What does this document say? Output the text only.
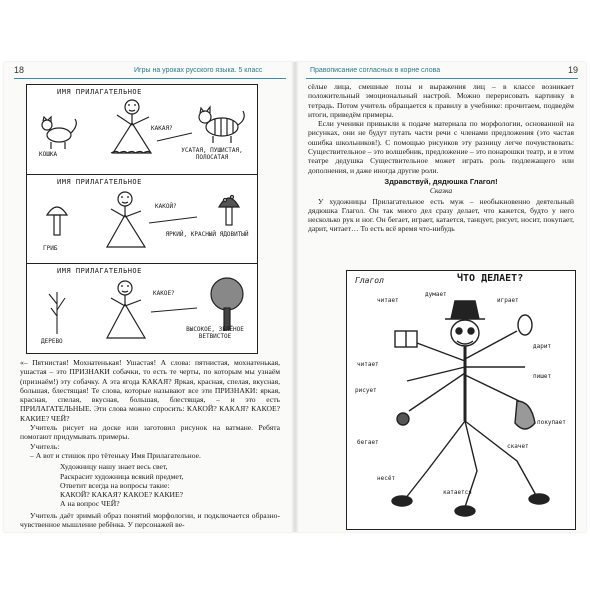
18	Игры на уроках русского языка. 5 класс
ИМЯ ПРИЛАГАТЕЛЬНОЕ
КОШКА
КАКАЯ?
УСАТАЯ, ПУШИСТАЯ, ПОЛОСАТАЯ
ИМЯ ПРИЛАГАТЕЛЬНОЕ
ГРИБ
КАКОЙ?
ЯРКИЙ, КРАСНЫЙ ЯДОВИТЫЙ
ИМЯ ПРИЛАГАТЕЛЬНОЕ
ДЕРЕВО
КАКОЕ?
ВЫСОКОЕ, ЗЕЛЁНОЕ ВЕТВИСТОЕ

«– Пятнистая! Мохнатенькая! Ушастая! А слова: пятнистая, мохнатенькая, ушастая – это ПРИЗНАКИ собачки, то есть те черты, по которым мы узнаём (признаём!) эту собачку. А эта ягода КАКАЯ? Яркая, красная, спелая, вкусная, большая, блестящая! Те слова, которые называют все эти ПРИЗНАКИ: яркая, красная, спелая, вкусная, большая, блестящая, – и это есть ПРИЛАГАТЕЛЬНЫЕ. Эти слова можно спросить: КАКОЙ? КАКАЯ? КАКОЕ? КАКИЕ? ЧЕЙ?

Учитель рисует на доске или заготовил рисунок на ватмане. Ребята помогают придумывать примеры.

Учитель:

– А вот и стишок про тётеньку Имя Прилагательное.

Художницу нашу знает весь свет,
Раскрасит художница всякий предмет,
Ответит всегда на вопросы такие:
КАКОЙ? КАКАЯ? КАКОЕ? КАКИЕ?
А на вопрос ЧЕЙ?

Учитель даёт зримый образ понятий морфологии, и подключается образно-чувственное мышление ребёнка. У персонажей ве-

Правописание согласных в корне слова	19

сёлые лица, смешные позы и выражения лиц – в классе возникает положительный эмоциональный настрой. Можно перерисовать картинку в тетрадь. Потом учитель обращается к правилу в учебнике: прочитаем, подведём итоги, приведём примеры.

Если ученики привыкли к подаче материала по морфологии, основанной на рисунках, они не будут путать части речи с членами предложения (это частая ошибка школьников!). С помощью рисунков эту разницу легче почувствовать: Существительное – это волшебник, предложение – это понарошки театр, и в этом театре дедушка Существительное может играть роль подлежащего или дополнения, и даже иногда другие роли.

Здравствуй, дядюшка Глагол!
Сказка

У художницы Прилагательное есть муж – необыкновенно деятельный дядюшка Глагол. Он так много дел сразу делает, что кажется, будто у него несколько рук и ног. Он бегает, играет, катается, танцует, рисует, носит, покупает, дарит, читает… То есть всё время что-нибудь

Глагол	ЧТО ДЕЛАЕТ?
читает
думает
играет
читает
рисует
пишет
дарит
покупает
скачет
бегает
несёт
катается
